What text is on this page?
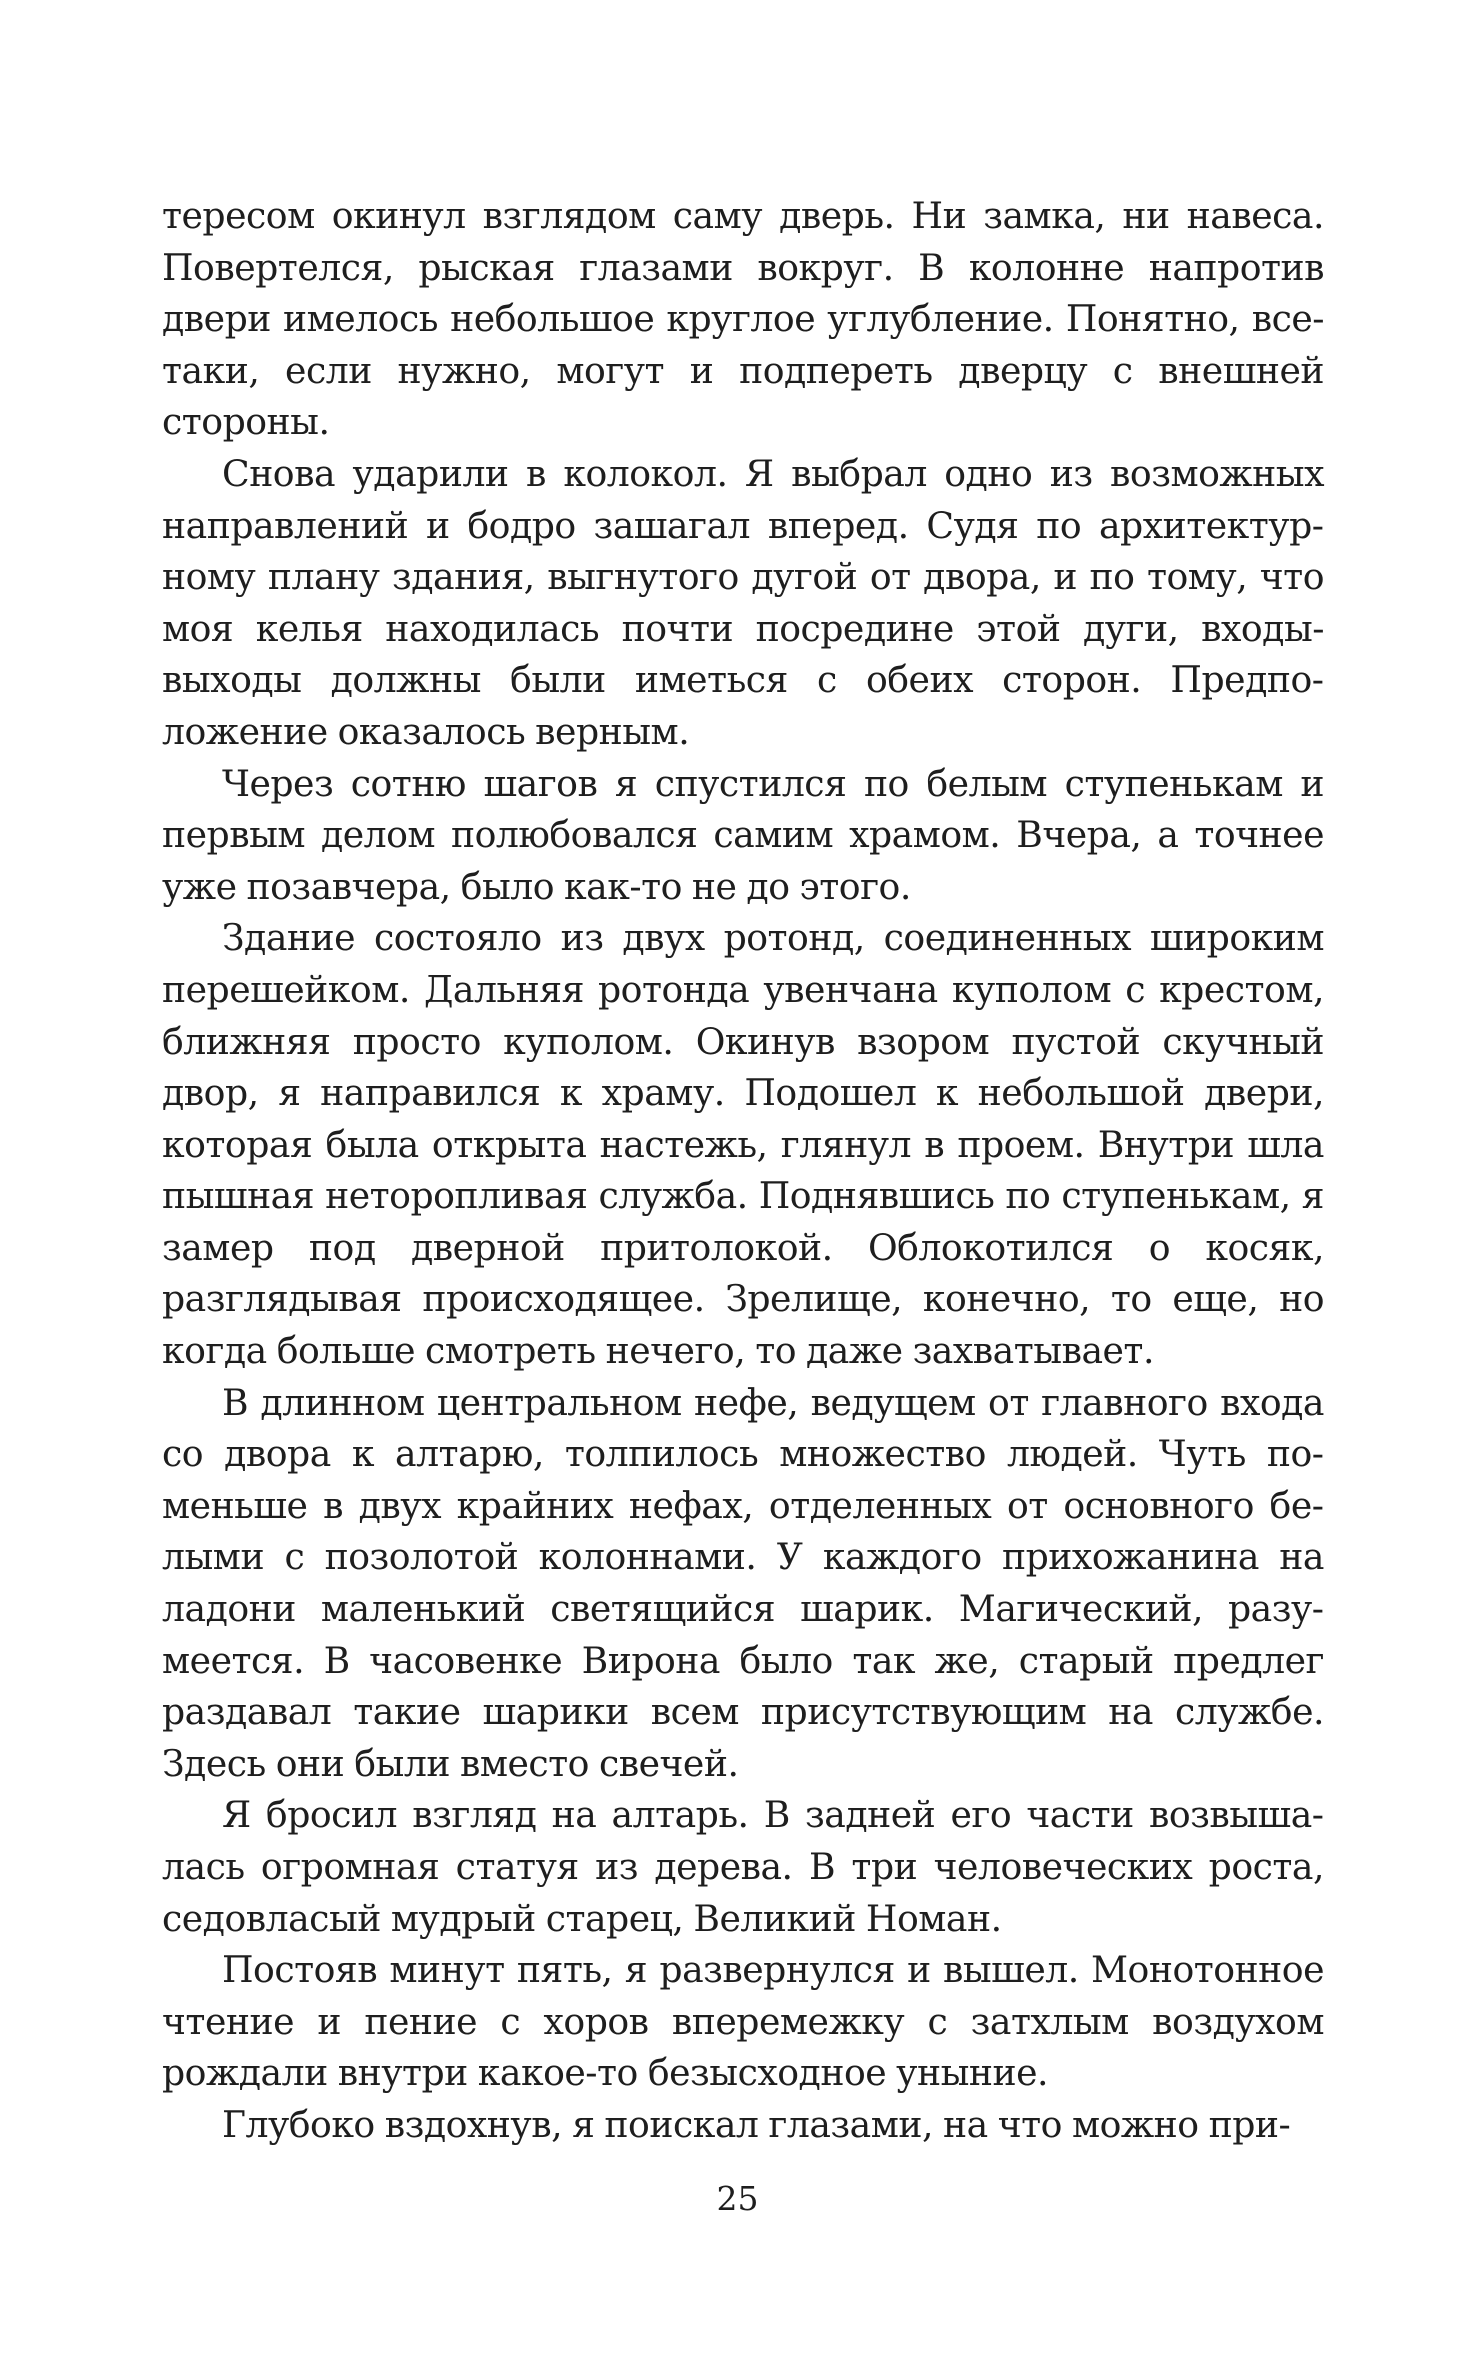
тересом окинул взглядом саму дверь. Ни замка, ни навеса. Повертелся, рыская глазами вокруг. В колонне напротив двери имелось небольшое круглое углубление. Понятно, все-таки, если нужно, могут и подпереть дверцу с внешней стороны.

Снова ударили в колокол. Я выбрал одно из возможных направлений и бодро зашагал вперед. Судя по архитектурному плану здания, выгнутого дугой от двора, и по тому, что моя келья находилась почти посредине этой дуги, входы-выходы должны были иметься с обеих сторон. Предположение оказалось верным.

Через сотню шагов я спустился по белым ступенькам и первым делом полюбовался самим храмом. Вчера, а точнее уже позавчера, было как-то не до этого.

Здание состояло из двух ротонд, соединенных широким перешейком. Дальняя ротонда увенчана куполом с крестом, ближняя просто куполом. Окинув взором пустой скучный двор, я направился к храму. Подошел к небольшой двери, которая была открыта настежь, глянул в проем. Внутри шла пышная неторопливая служба. Поднявшись по ступенькам, я замер под дверной притолокой. Облокотился о косяк, разглядывая происходящее. Зрелище, конечно, то еще, но когда больше смотреть нечего, то даже захватывает.

В длинном центральном нефе, ведущем от главного входа со двора к алтарю, толпилось множество людей. Чуть поменьше в двух крайних нефах, отделенных от основного белыми с позолотой колоннами. У каждого прихожанина на ладони маленький светящийся шарик. Магический, разумеется. В часовенке Вирона было так же, старый предлег раздавал такие шарики всем присутствующим на службе. Здесь они были вместо свечей.

Я бросил взгляд на алтарь. В задней его части возвышалась огромная статуя из дерева. В три человеческих роста, седовласый мудрый старец, Великий Номан.

Постояв минут пять, я развернулся и вышел. Монотонное чтение и пение с хоров вперемежку с затхлым воздухом рождали внутри какое-то безысходное уныние.

Глубоко вздохнув, я поискал глазами, на что можно при-

25
